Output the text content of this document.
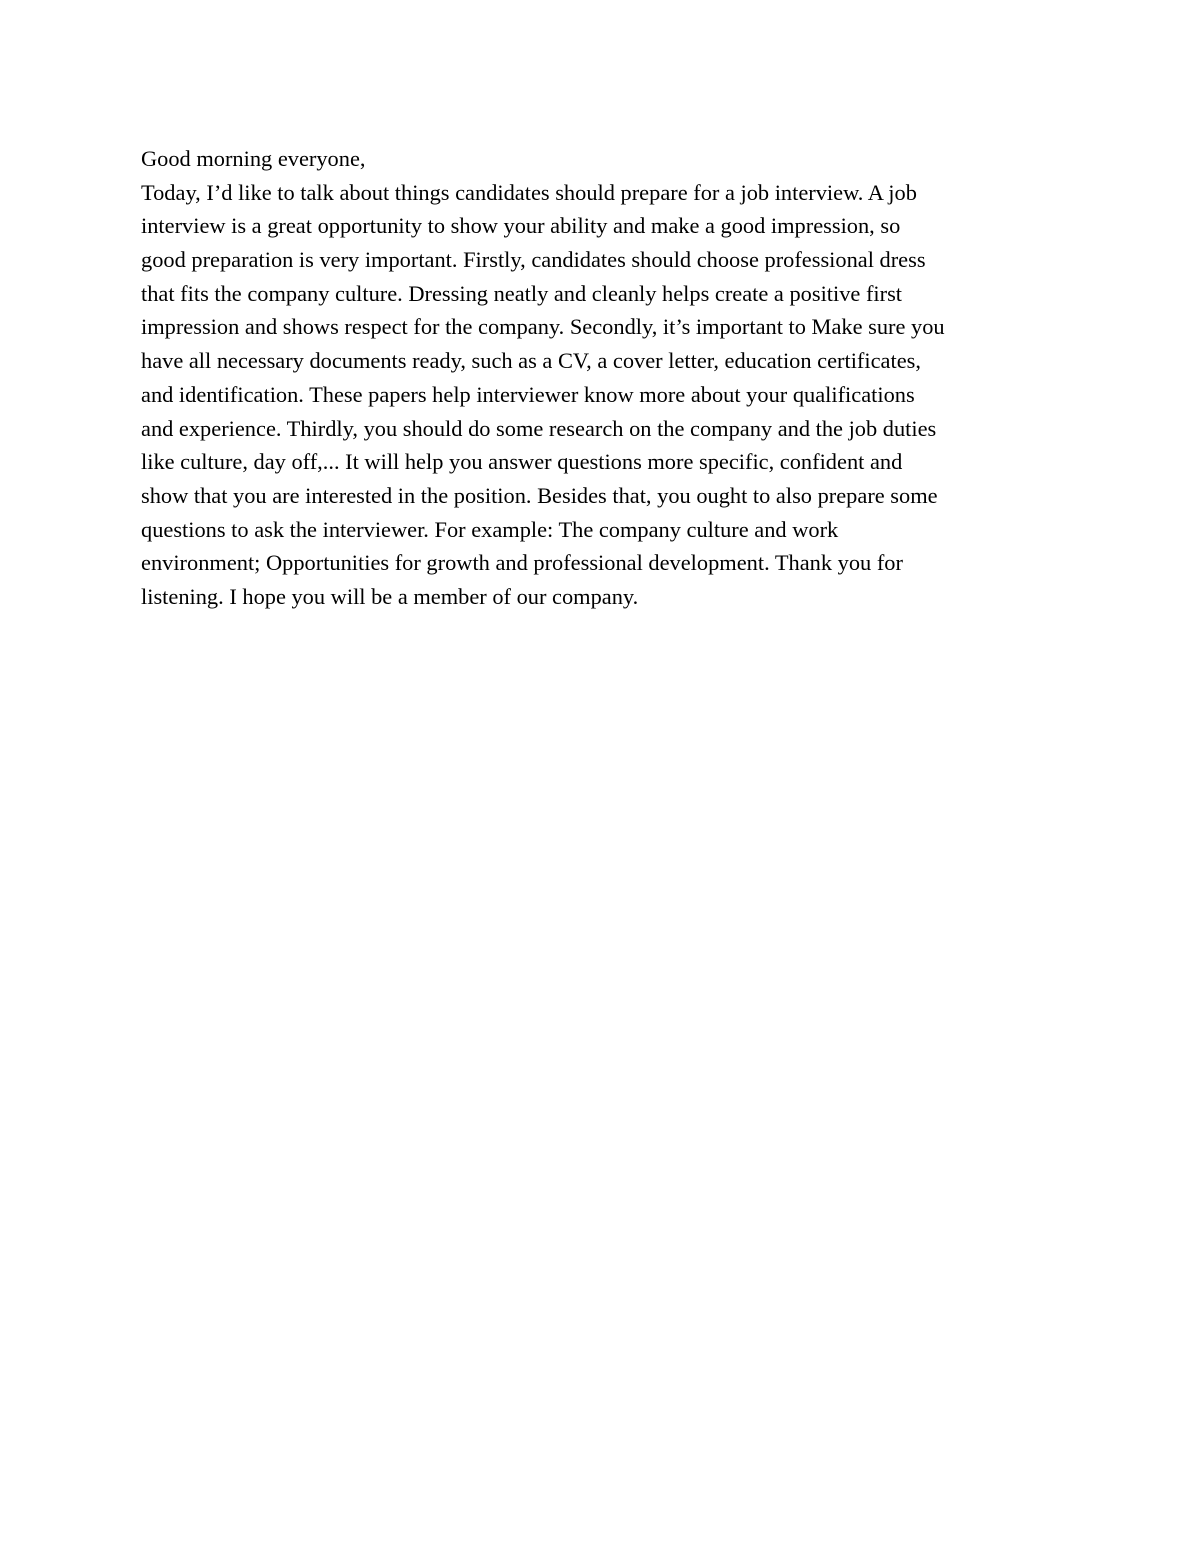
Good morning everyone,
Today, I’d like to talk about things candidates should prepare for a job interview. A job
interview is a great opportunity to show your ability and make a good impression, so
good preparation is very important. Firstly, candidates should choose professional dress
that fits the company culture. Dressing neatly and cleanly helps create a positive first
impression and shows respect for the company. Secondly, it’s important to Make sure you
have all necessary documents ready, such as a CV, a cover letter, education certificates,
and identification. These papers help interviewer know more about your qualifications
and experience. Thirdly, you should do some research on the company and the job duties
like culture, day off,... It will help you answer questions more specific, confident and
show that you are interested in the position. Besides that, you ought to also prepare some
questions to ask the interviewer. For example: The company culture and work
environment; Opportunities for growth and professional development. Thank you for
listening. I hope you will be a member of our company.
